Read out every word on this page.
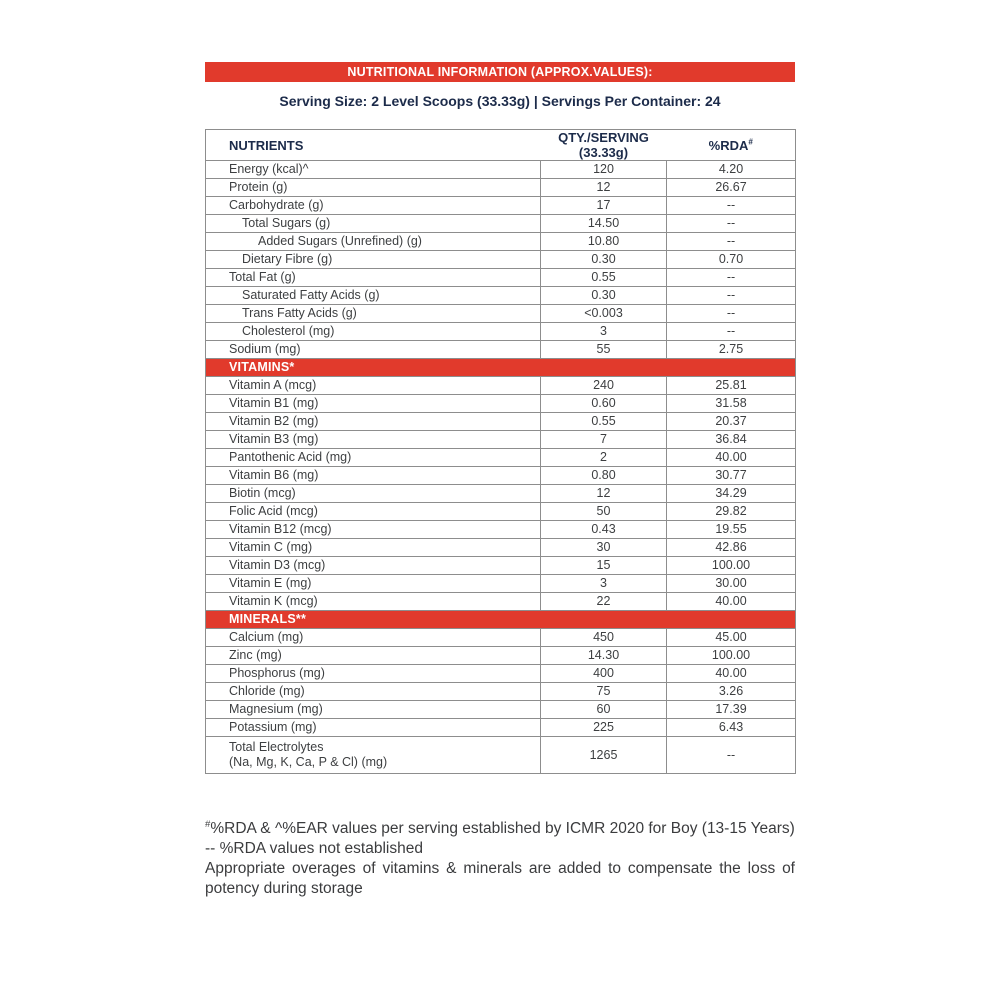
NUTRITIONAL INFORMATION (APPROX.VALUES):
Serving Size: 2 Level Scoops (33.33g) | Servings Per Container: 24
NUTRIENTS	QTY./SERVING (33.33g)	%RDA#
Energy (kcal)^	120	4.20
Protein (g)	12	26.67
Carbohydrate (g)	17	--
Total Sugars (g)	14.50	--
Added Sugars (Unrefined) (g)	10.80	--
Dietary Fibre (g)	0.30	0.70
Total Fat (g)	0.55	--
Saturated Fatty Acids (g)	0.30	--
Trans Fatty Acids (g)	<0.003	--
Cholesterol (mg)	3	--
Sodium (mg)	55	2.75
VITAMINS*		
Vitamin A (mcg)	240	25.81
Vitamin B1 (mg)	0.60	31.58
Vitamin B2 (mg)	0.55	20.37
Vitamin B3 (mg)	7	36.84
Pantothenic Acid (mg)	2	40.00
Vitamin B6 (mg)	0.80	30.77
Biotin (mcg)	12	34.29
Folic Acid (mcg)	50	29.82
Vitamin B12 (mcg)	0.43	19.55
Vitamin C (mg)	30	42.86
Vitamin D3 (mcg)	15	100.00
Vitamin E (mg)	3	30.00
Vitamin K (mcg)	22	40.00
MINERALS**		
Calcium (mg)	450	45.00
Zinc (mg)	14.30	100.00
Phosphorus (mg)	400	40.00
Chloride (mg)	75	3.26
Magnesium (mg)	60	17.39
Potassium (mg)	225	6.43

Total Electrolytes
(Na, Mg, K, Ca, P & Cl) (mg)	1265	--

#%RDA & ^%EAR values per serving established by ICMR 2020 for Boy (13-15 Years)

-- %RDA values not established

Appropriate overages of vitamins & minerals are added to compensate the loss of potency during storage
